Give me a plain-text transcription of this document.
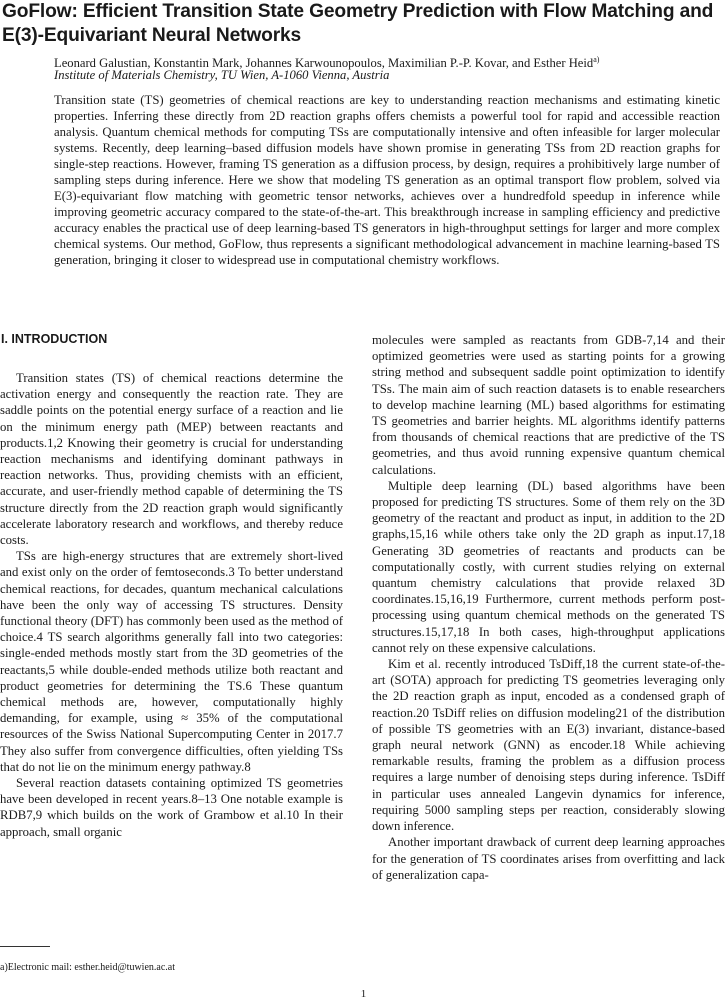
GoFlow: Efficient Transition State Geometry Prediction with Flow Matching and E(3)-Equivariant Neural Networks
Leonard Galustian, Konstantin Mark, Johannes Karwounopoulos, Maximilian P.-P. Kovar, and Esther Heid$^{a)}$
Institute of Materials Chemistry, TU Wien, A-1060 Vienna, Austria

Transition state (TS) geometries of chemical reactions are key to understanding reaction mechanisms and estimating kinetic properties. Inferring these directly from 2D reaction graphs offers chemists a powerful tool for rapid and accessible reaction analysis. Quantum chemical methods for computing TSs are computationally intensive and often infeasible for larger molecular systems. Recently, deep learning–based diffusion models have shown promise in generating TSs from 2D reaction graphs for single-step reactions. However, framing TS generation as a diffusion process, by design, requires a prohibitively large number of sampling steps during inference. Here we show that modeling TS generation as an optimal transport flow problem, solved via E(3)-equivariant flow matching with geometric tensor networks, achieves over a hundredfold speedup in inference while improving geometric accuracy compared to the state-of-the-art. This breakthrough increase in sampling efficiency and predictive accuracy enables the practical use of deep learning-based TS generators in high-throughput settings for larger and more complex chemical systems. Our method, GoFlow, thus represents a significant methodological advancement in machine learning-based TS generation, bringing it closer to widespread use in computational chemistry workflows.

I. INTRODUCTION

Transition states (TS) of chemical reactions determine the activation energy and consequently the reaction rate. They are saddle points on the potential energy surface of a reaction and lie on the minimum energy path (MEP) between reactants and products.1,2 Knowing their geometry is crucial for understanding reaction mechanisms and identifying dominant pathways in reaction networks. Thus, providing chemists with an efficient, accurate, and user-friendly method capable of determining the TS structure directly from the 2D reaction graph would significantly accelerate laboratory research and workflows, and thereby reduce costs.

TSs are high-energy structures that are extremely short-lived and exist only on the order of femtoseconds.3 To better understand chemical reactions, for decades, quantum mechanical calculations have been the only way of accessing TS structures. Density functional theory (DFT) has commonly been used as the method of choice.4 TS search algorithms generally fall into two categories: single-ended methods mostly start from the 3D geometries of the reactants,5 while double-ended methods utilize both reactant and product geometries for determining the TS.6 These quantum chemical methods are, however, computationally highly demanding, for example, using ≈ 35% of the computational resources of the Swiss National Supercomputing Center in 2017.7 They also suffer from convergence difficulties, often yielding TSs that do not lie on the minimum energy pathway.8

Several reaction datasets containing optimized TS geometries have been developed in recent years.8–13 One notable example is RDB7,9 which builds on the work of Grambow et al.10 In their approach, small organic

molecules were sampled as reactants from GDB-7,14 and their optimized geometries were used as starting points for a growing string method and subsequent saddle point optimization to identify TSs. The main aim of such reaction datasets is to enable researchers to develop machine learning (ML) based algorithms for estimating TS geometries and barrier heights. ML algorithms identify patterns from thousands of chemical reactions that are predictive of the TS geometries, and thus avoid running expensive quantum chemical calculations.

Multiple deep learning (DL) based algorithms have been proposed for predicting TS structures. Some of them rely on the 3D geometry of the reactant and product as input, in addition to the 2D graphs,15,16 while others take only the 2D graph as input.17,18 Generating 3D geometries of reactants and products can be computationally costly, with current studies relying on external quantum chemistry calculations that provide relaxed 3D coordinates.15,16,19 Furthermore, current methods perform post-processing using quantum chemical methods on the generated TS structures.15,17,18 In both cases, high-throughput applications cannot rely on these expensive calculations.

Kim et al. recently introduced TsDiff,18 the current state-of-the-art (SOTA) approach for predicting TS geometries leveraging only the 2D reaction graph as input, encoded as a condensed graph of reaction.20 TsDiff relies on diffusion modeling21 of the distribution of possible TS geometries with an E(3) invariant, distance-based graph neural network (GNN) as encoder.18 While achieving remarkable results, framing the problem as a diffusion process requires a large number of denoising steps during inference. TsDiff in particular uses annealed Langevin dynamics for inference, requiring 5000 sampling steps per reaction, considerably slowing down inference.

Another important drawback of current deep learning approaches for the generation of TS coordinates arises from overfitting and lack of generalization capa-

a)Electronic mail: esther.heid@tuwien.ac.at
1
